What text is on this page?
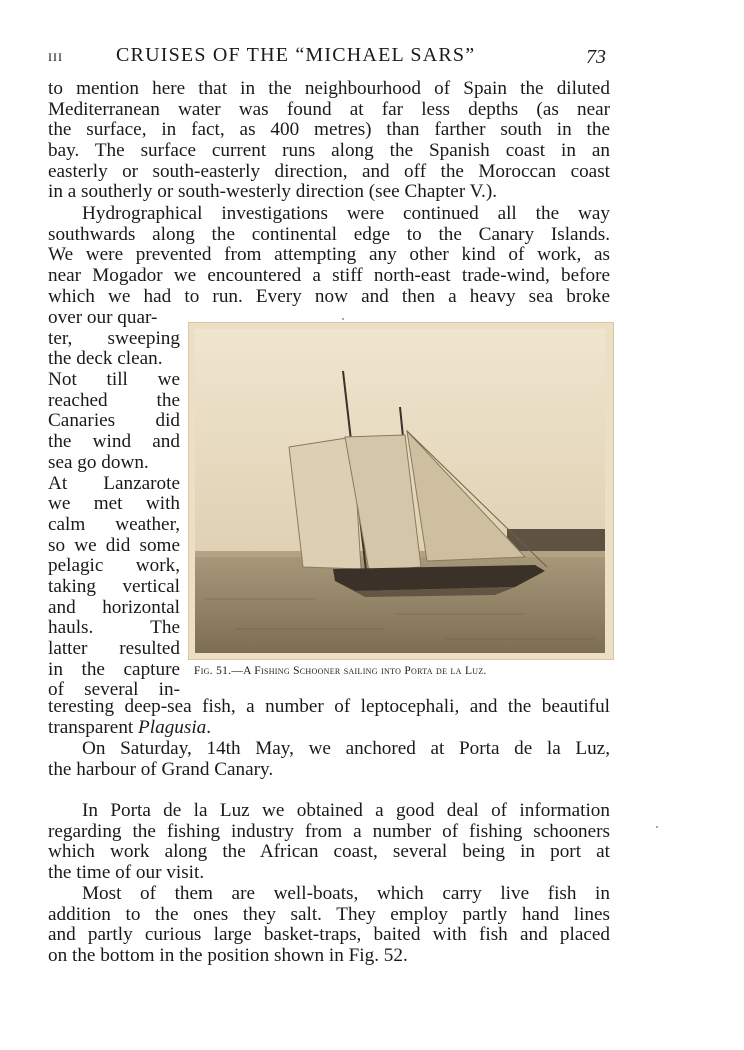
III	CRUISES OF THE “MICHAEL SARS”	73
to mention here that in the neighbourhood of Spain the diluted
Mediterranean water was found at far less depths (as near
the surface, in fact, as 400 metres) than farther south in the
bay. The surface current runs along the Spanish coast in an
easterly or south-easterly direction, and off the Moroccan coast
in a southerly or south-westerly direction (see Chapter V.).
Hydrographical investigations were continued all the way
southwards along the continental edge to the Canary Islands.
We were prevented from attempting any other kind of work, as
near Mogador we encountered a stiff north-east trade-wind, before
which we had to run. Every now and then a heavy sea broke
over our quar-
ter, sweeping
the deck clean.
Not till we
reached the
Canaries did
the wind and
sea go down.
At Lanzarote
we met with
calm weather,
so we did some
pelagic work,
taking vertical
and horizontal
hauls. The
latter resulted
in the capture
of several in-
Fig. 51.—A Fishing Schooner sailing into Porta de la Luz.
teresting deep-sea fish, a number of leptocephali, and the beautiful
transparent Plagusia.
On Saturday, 14th May, we anchored at Porta de la Luz,
the harbour of Grand Canary.
In Porta de la Luz we obtained a good deal of information
regarding the fishing industry from a number of fishing schooners
which work along the African coast, several being in port at
the time of our visit.
Most of them are well-boats, which carry live fish in
addition to the ones they salt. They employ partly hand lines
and partly curious large basket-traps, baited with fish and placed
on the bottom in the position shown in Fig. 52.
